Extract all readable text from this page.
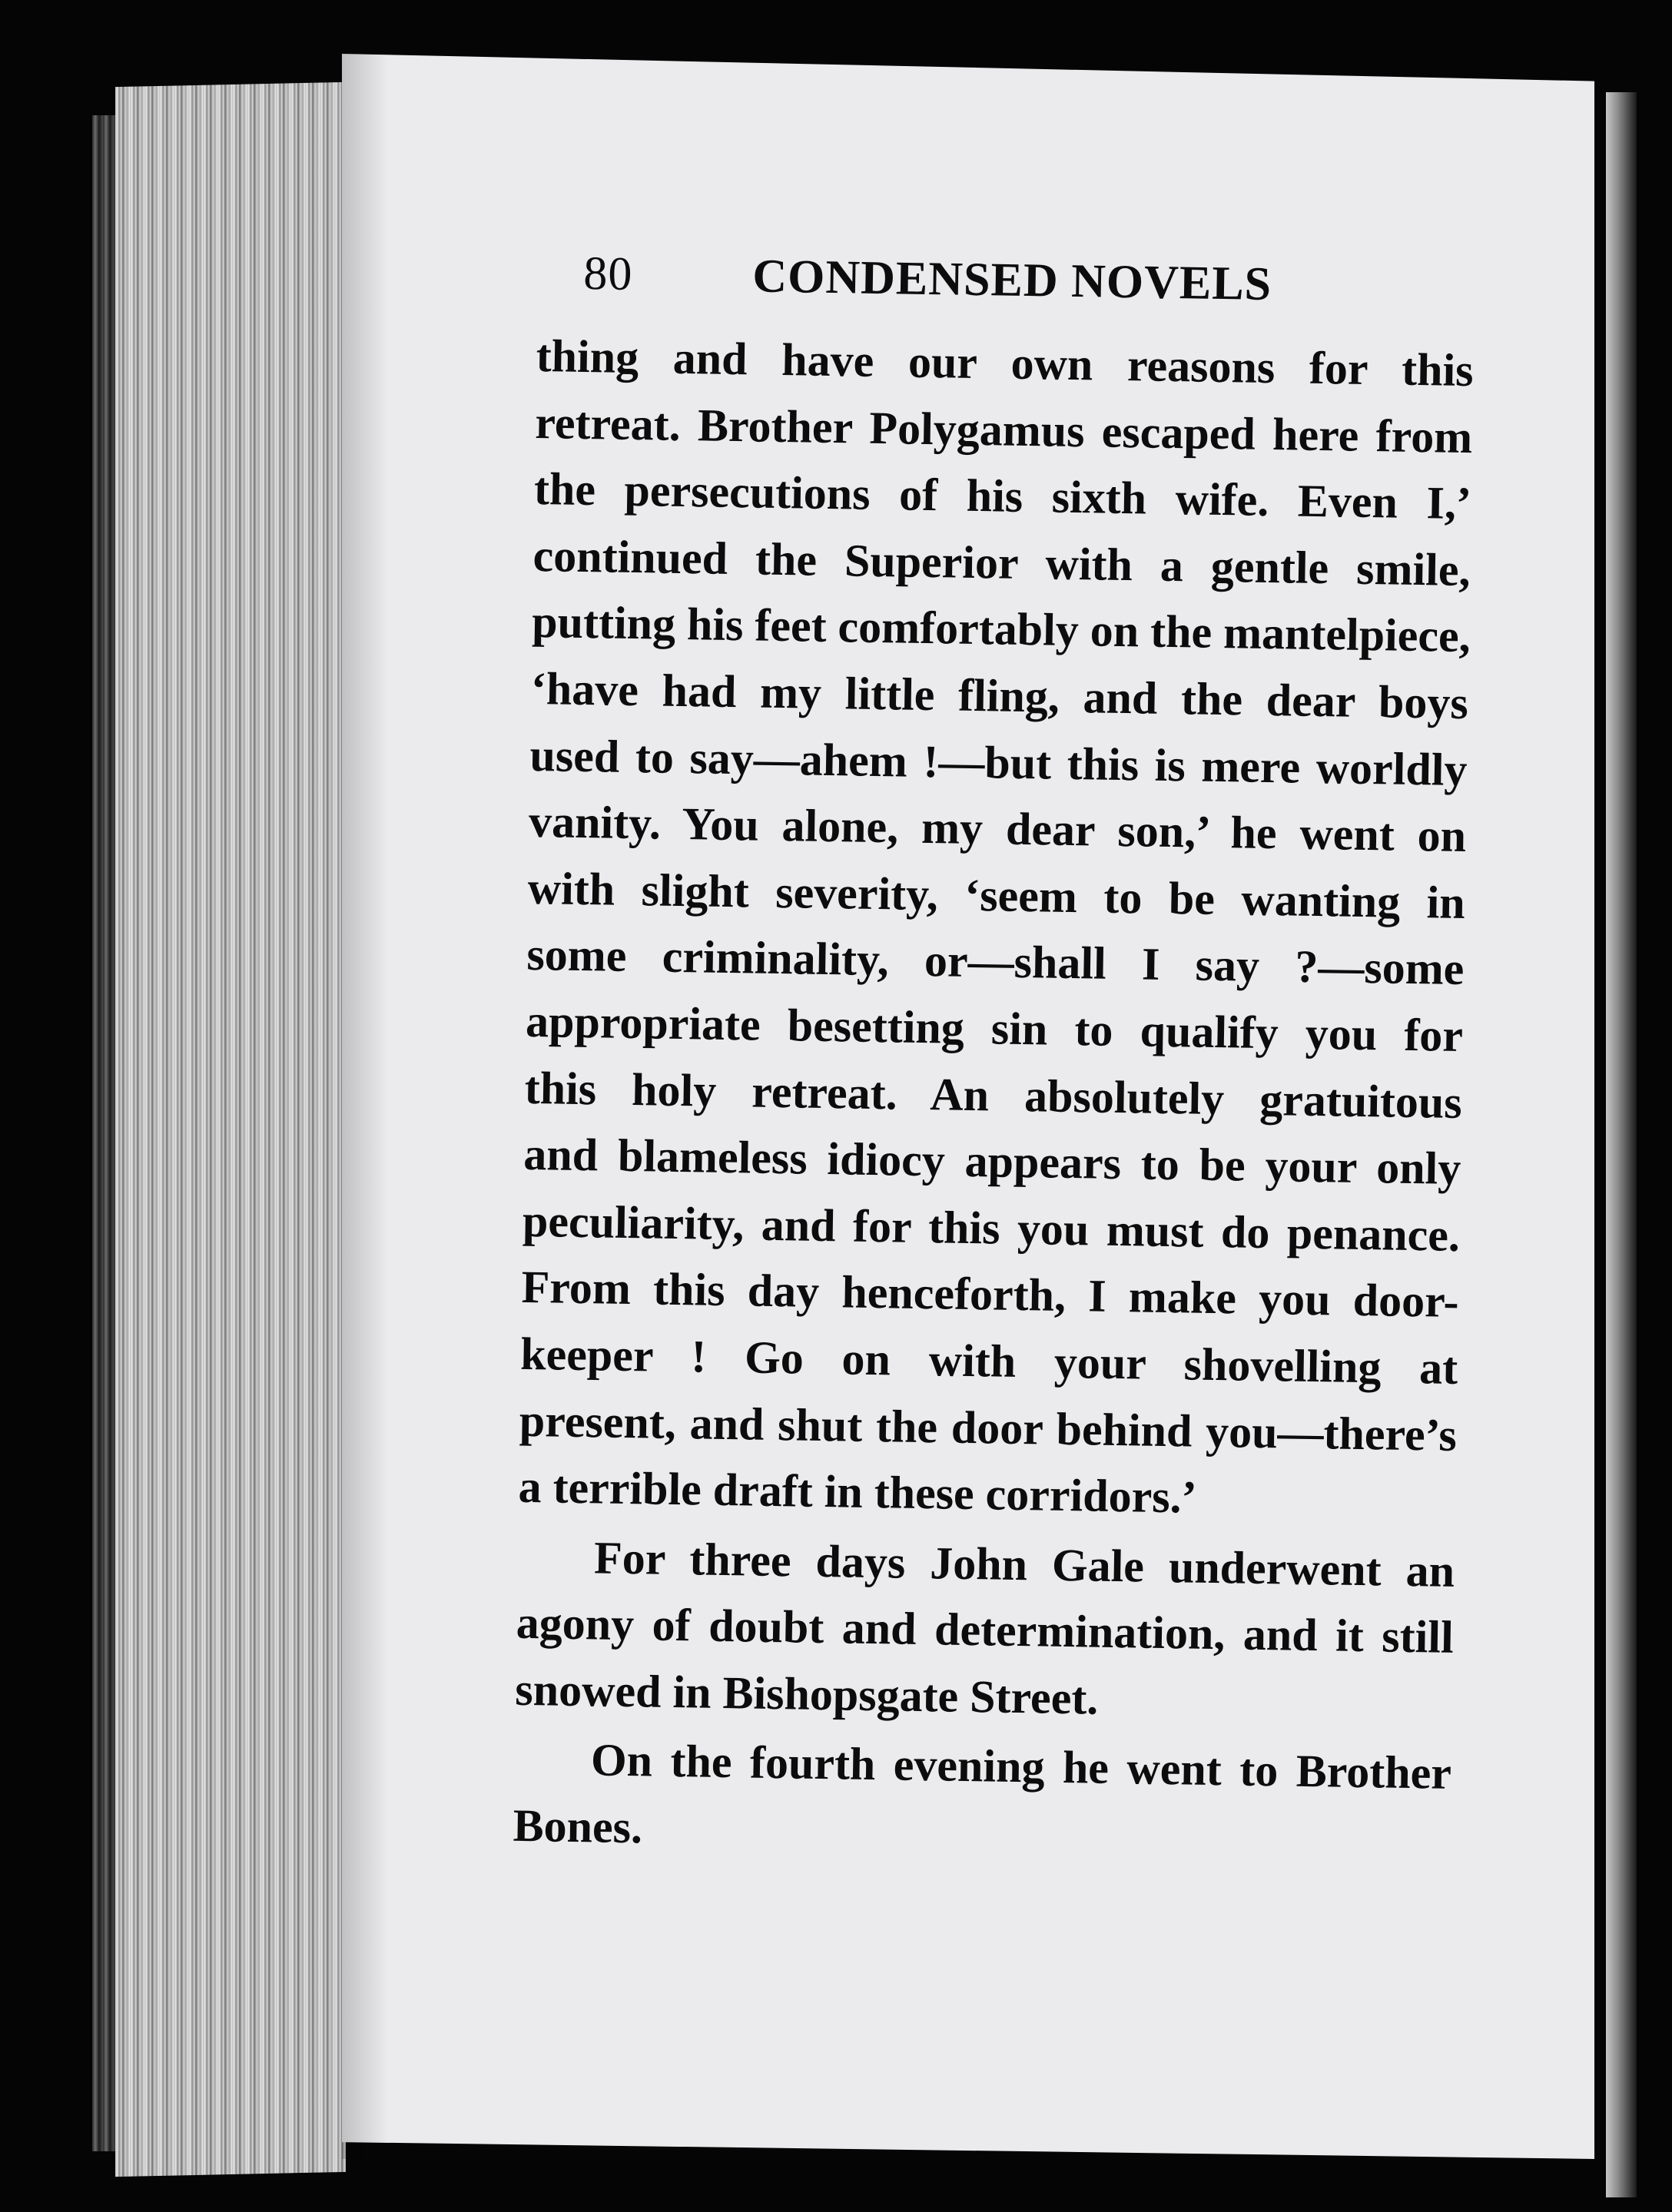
80	CONDENSED NOVELS
thing and have our own reasons for this
retreat. Brother Polygamus escaped here from
the persecutions of his sixth wife. Even I,’
continued the Superior with a gentle smile,
putting his feet comfortably on the mantelpiece,
‘have had my little fling, and the dear boys
used to say—ahem !—but this is mere worldly
vanity. You alone, my dear son,’ he went on
with slight severity, ‘seem to be wanting in
some criminality, or—shall I say ?—some
appropriate besetting sin to qualify you for
this holy retreat. An absolutely gratuitous
and blameless idiocy appears to be your only
peculiarity, and for this you must do penance.
From this day henceforth, I make you door-
keeper ! Go on with your shovelling at
present, and shut the door behind you—there’s
a terrible draft in these corridors.’
For three days John Gale underwent an
agony of doubt and determination, and it still
snowed in Bishopsgate Street.
On the fourth evening he went to Brother
Bones.
